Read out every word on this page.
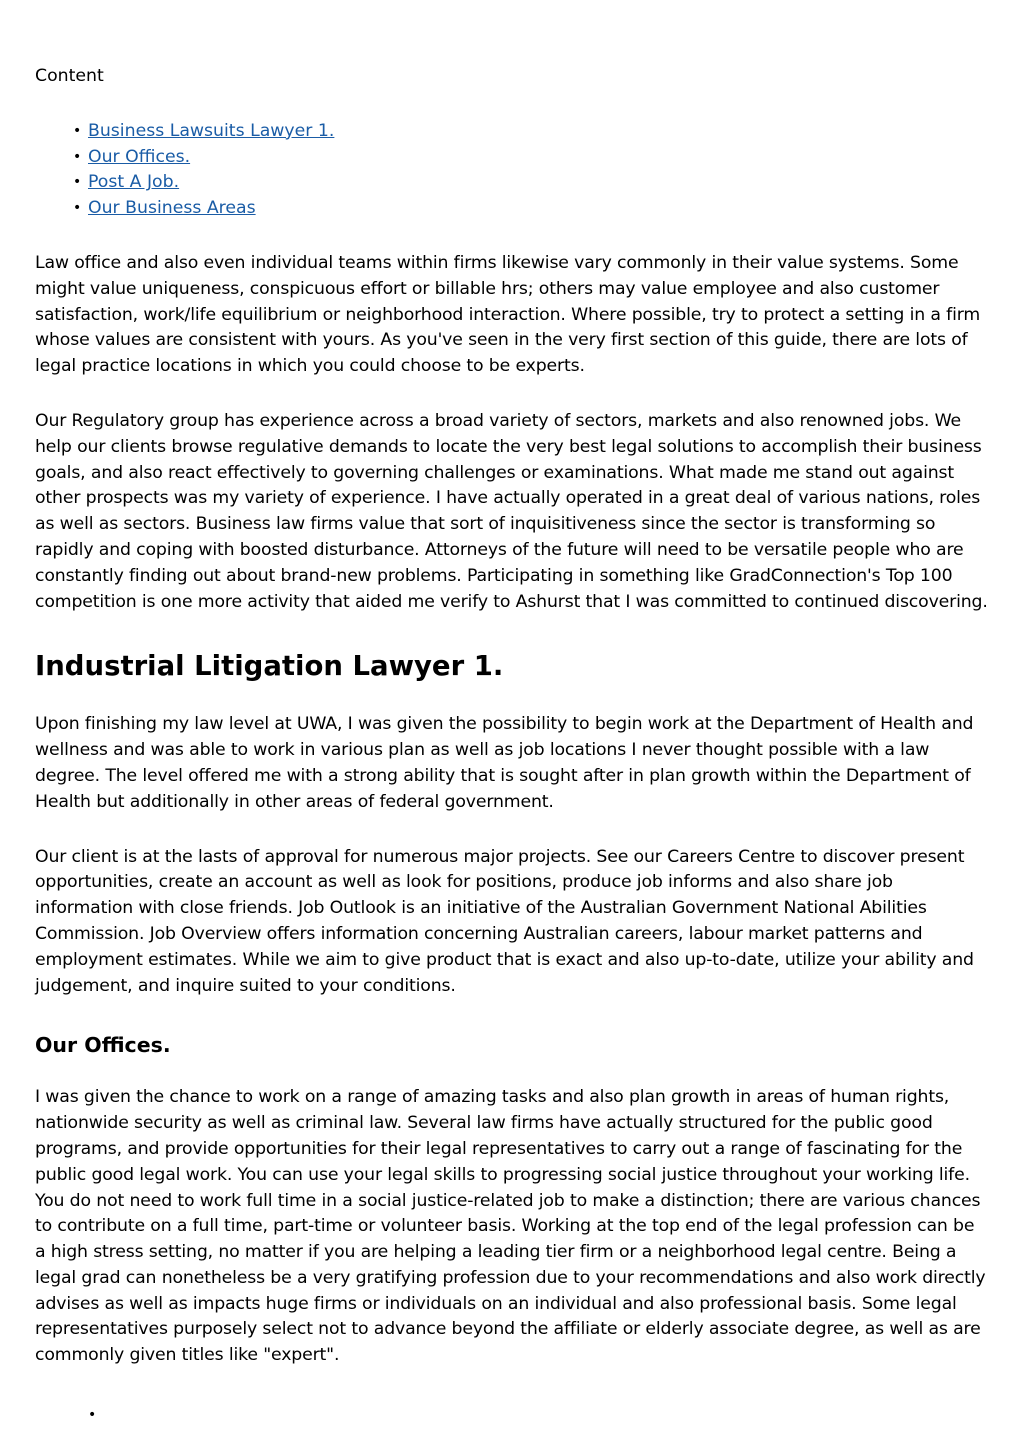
Content
• Business Lawsuits Lawyer 1.
• Our Offices.
• Post A Job.
• Our Business Areas

Law office and also even individual teams within firms likewise vary commonly in their value systems. Some might value uniqueness, conspicuous effort or billable hrs; others may value employee and also customer satisfaction, work/life equilibrium or neighborhood interaction. Where possible, try to protect a setting in a firm whose values are consistent with yours. As you've seen in the very first section of this guide, there are lots of legal practice locations in which you could choose to be experts.

Our Regulatory group has experience across a broad variety of sectors, markets and also renowned jobs. We help our clients browse regulative demands to locate the very best legal solutions to accomplish their business goals, and also react effectively to governing challenges or examinations. What made me stand out against other prospects was my variety of experience. I have actually operated in a great deal of various nations, roles as well as sectors. Business law firms value that sort of inquisitiveness since the sector is transforming so rapidly and coping with boosted disturbance. Attorneys of the future will need to be versatile people who are constantly finding out about brand-new problems. Participating in something like GradConnection's Top 100 competition is one more activity that aided me verify to Ashurst that I was committed to continued discovering.

Industrial Litigation Lawyer 1.

Upon finishing my law level at UWA, I was given the possibility to begin work at the Department of Health and wellness and was able to work in various plan as well as job locations I never thought possible with a law degree. The level offered me with a strong ability that is sought after in plan growth within the Department of Health but additionally in other areas of federal government.

Our client is at the lasts of approval for numerous major projects. See our Careers Centre to discover present opportunities, create an account as well as look for positions, produce job informs and also share job information with close friends. Job Outlook is an initiative of the Australian Government National Abilities Commission. Job Overview offers information concerning Australian careers, labour market patterns and employment estimates. While we aim to give product that is exact and also up-to-date, utilize your ability and judgement, and inquire suited to your conditions.

Our Offices.

I was given the chance to work on a range of amazing tasks and also plan growth in areas of human rights, nationwide security as well as criminal law. Several law firms have actually structured for the public good programs, and provide opportunities for their legal representatives to carry out a range of fascinating for the public good legal work. You can use your legal skills to progressing social justice throughout your working life. You do not need to work full time in a social justice-related job to make a distinction; there are various chances to contribute on a full time, part-time or volunteer basis. Working at the top end of the legal profession can be a high stress setting, no matter if you are helping a leading tier firm or a neighborhood legal centre. Being a legal grad can nonetheless be a very gratifying profession due to your recommendations and also work directly advises as well as impacts huge firms or individuals on an individual and also professional basis. Some legal representatives purposely select not to advance beyond the affiliate or elderly associate degree, as well as are commonly given titles like "expert".

•
